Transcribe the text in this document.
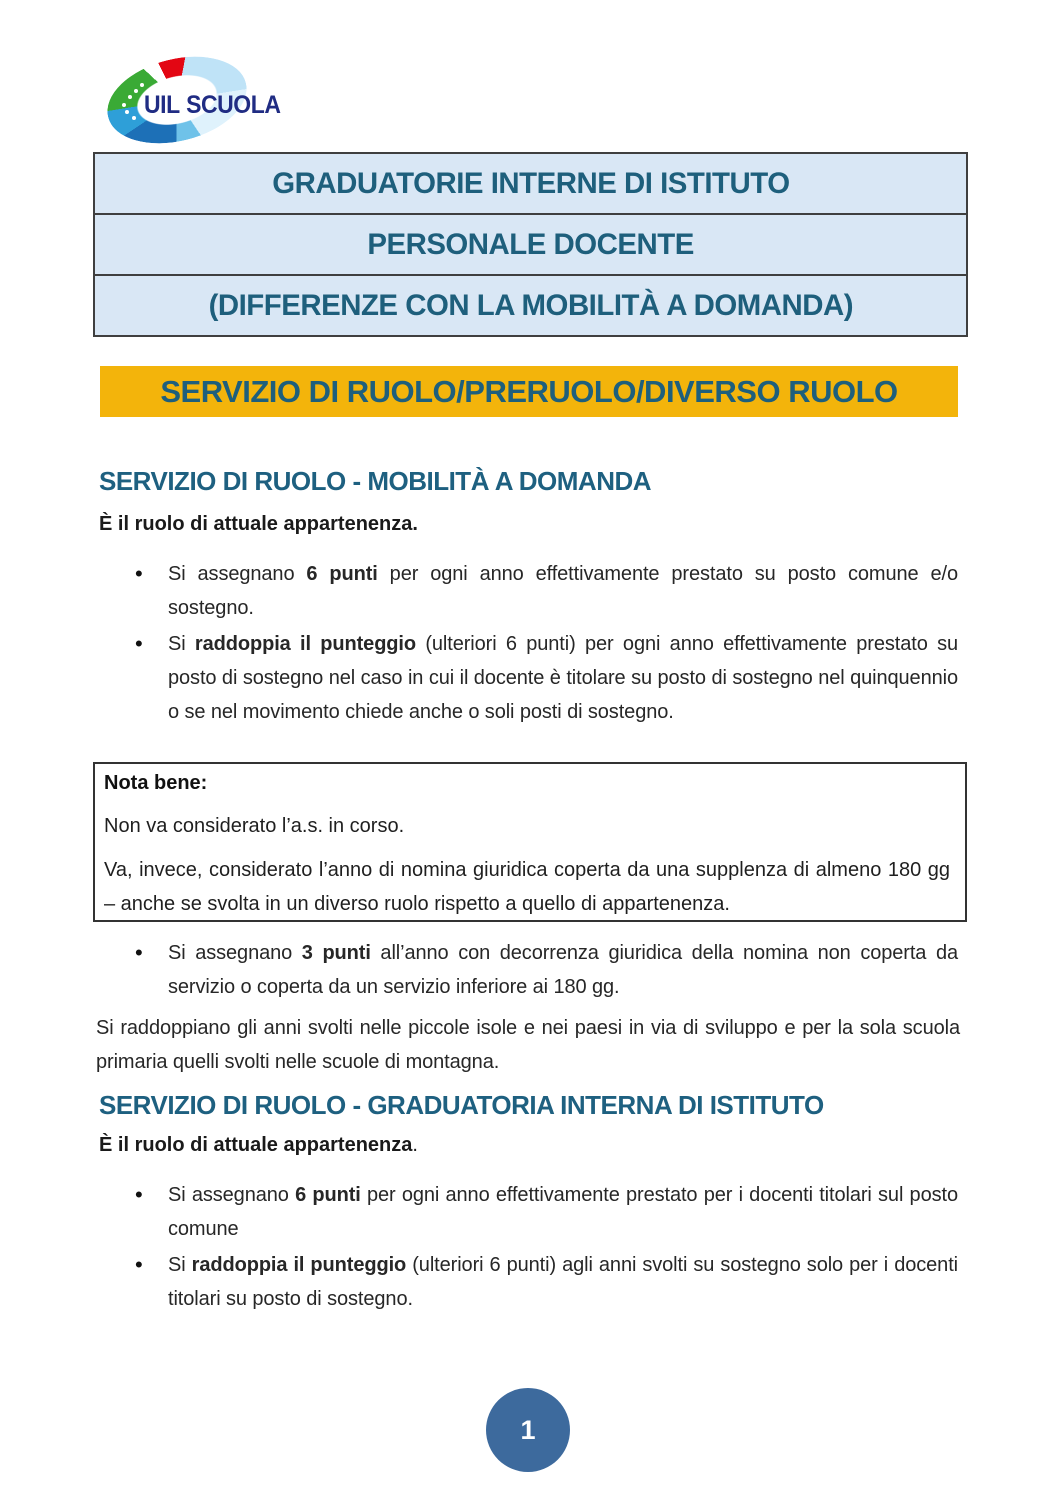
UIL SCUOLA
GRADUATORIE INTERNE DI ISTITUTO
PERSONALE DOCENTE
(DIFFERENZE CON LA MOBILITÀ A DOMANDA)
SERVIZIO DI RUOLO/PRERUOLO/DIVERSO RUOLO
SERVIZIO DI RUOLO - MOBILITÀ A DOMANDA

È il ruolo di attuale appartenenza.

• Si assegnano 6 punti per ogni anno effettivamente prestato su posto comune e/o sostegno.
• Si raddoppia il punteggio (ulteriori 6 punti) per ogni anno effettivamente prestato su posto di sostegno nel caso in cui il docente è titolare su posto di sostegno nel quinquennio o se nel movimento chiede anche o soli posti di sostegno.

Nota bene:

Non va considerato l’a.s. in corso.

Va, invece, considerato l’anno di nomina giuridica coperta da una supplenza di almeno 180 gg – anche se svolta in un diverso ruolo rispetto a quello di appartenenza.

• Si assegnano 3 punti all’anno con decorrenza giuridica della nomina non coperta da servizio o coperta da un servizio inferiore ai 180 gg.

Si raddoppiano gli anni svolti nelle piccole isole e nei paesi in via di sviluppo e per la sola scuola primaria quelli svolti nelle scuole di montagna.

SERVIZIO DI RUOLO - GRADUATORIA INTERNA DI ISTITUTO

È il ruolo di attuale appartenenza.

• Si assegnano 6 punti per ogni anno effettivamente prestato per i docenti titolari sul posto comune
• Si raddoppia il punteggio (ulteriori 6 punti) agli anni svolti su sostegno solo per i docenti titolari su posto di sostegno.
1
